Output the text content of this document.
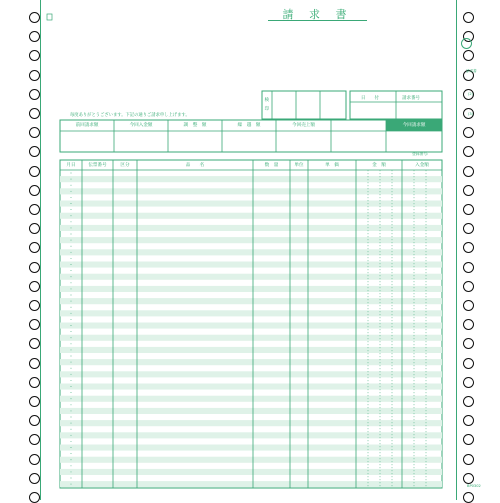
請 求 書
毎度ありがとうございます。下記の通りご請求申し上げます。
検
印
日　　付	請求番号
登録番号:
前回請求額	今回入金額	調　整　額	繰　越　額	今回売上額	今回請求額
月日	伝票番号	区分	品　　名	数　量	単位	単　価	金　額	入金額
請求書
(2)
(3)
BP0302
